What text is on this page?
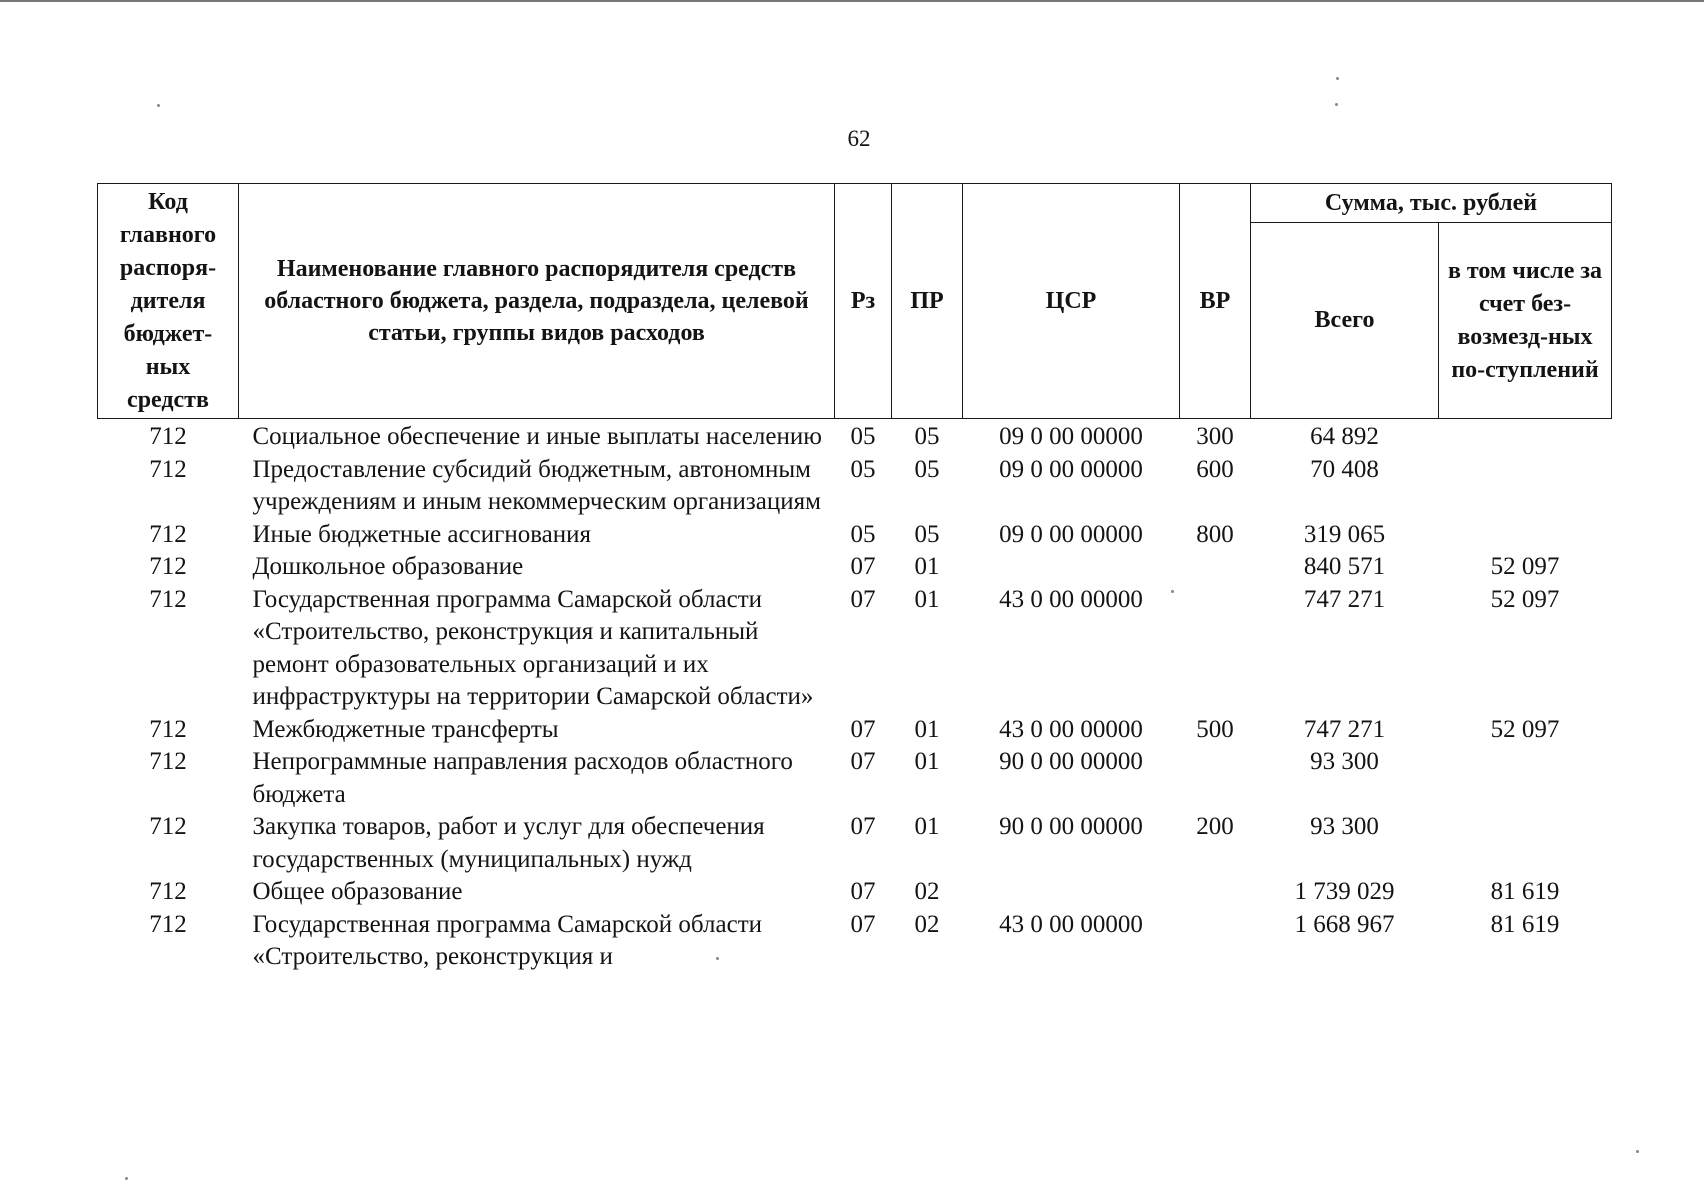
62
Код главного распоря-дителя бюджет-ных средств	Наименование главного распорядителя средств областного бюджета, раздела, подраздела, целевой статьи, группы видов расходов	Рз	ПР	ЦСР	ВР	Сумма, тыс. рублей	
						Всего	в том числе за счет без-возмезд-ных по-ступлений
712	Социальное обеспечение и иные выплаты населению	05	05	09 0 00 00000	300	64 892	
712	Предоставление субсидий бюджетным, автономным учреждениям и иным некоммерческим организациям	05	05	09 0 00 00000	600	70 408	
712	Иные бюджетные ассигнования	05	05	09 0 00 00000	800	319 065	
712	Дошкольное образование	07	01			840 571	52 097
712	Государственная программа Самарской области «Строительство, реконструкция и капитальный ремонт образовательных организаций и их инфраструктуры на территории Самарской области»	07	01	43 0 00 00000		747 271	52 097
712	Межбюджетные трансферты	07	01	43 0 00 00000	500	747 271	52 097
712	Непрограммные направления расходов областного бюджета	07	01	90 0 00 00000		93 300	
712	Закупка товаров, работ и услуг для обеспечения государственных (муниципальных) нужд	07	01	90 0 00 00000	200	93 300	
712	Общее образование	07	02			1 739 029	81 619
712	Государственная программа Самарской области «Строительство, реконструкция и	07	02	43 0 00 00000		1 668 967	81 619
